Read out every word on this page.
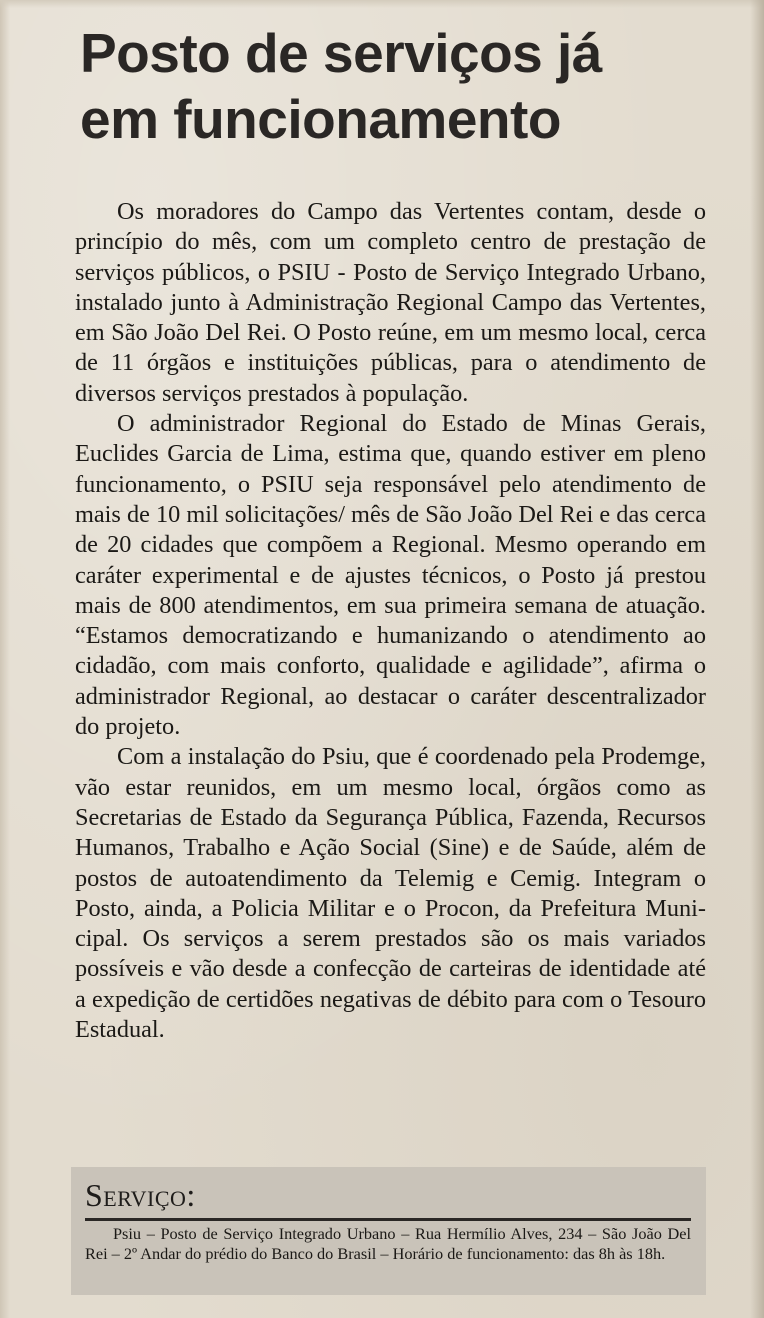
Posto de serviços já
em funcionamento

Os moradores do Campo das Vertentes contam, desde o princípio do mês, com um completo centro de prestação de serviços públicos, o PSIU - Posto de Serviço Integrado Urbano, instalado junto à Administração Regional Campo das Vertentes, em São João Del Rei. O Posto reúne, em um mesmo local, cerca de 11 órgãos e instituições públicas, para o atendimento de diversos serviços prestados à população.

O administrador Regional do Estado de Minas Gerais, Euclides Garcia de Lima, estima que, quando estiver em pleno funcionamento, o PSIU seja responsável pelo atendimento de mais de 10 mil solicitações/ mês de São João Del Rei e das cerca de 20 cidades que compõem a Regional. Mesmo operando em caráter experimental e de ajustes técnicos, o Posto já prestou mais de 800 atendimentos, em sua primeira semana de atuação. “Estamos democratizando e humanizando o atendimento ao cidadão, com mais conforto, qualidade e agilidade”, afirma o administrador Regional, ao destacar o caráter descentralizador do projeto.

Com a instalação do Psiu, que é coordenado pela Prodemge, vão estar reunidos, em um mesmo local, órgãos como as Secretarias de Estado da Segurança Pública, Fazenda, Recursos Humanos, Trabalho e Ação Social (Sine) e de Saúde, além de postos de autoatendimento da Telemig e Cemig. Integram o Posto, ainda, a Policia Militar e o Procon, da Prefeitura Municipal. Os serviços a serem prestados são os mais variados possíveis e vão desde a confecção de carteiras de identidade até a expedição de certidões negativas de débito para com o Tesouro Estadual.

Serviço:

Psiu – Posto de Serviço Integrado Urbano – Rua Hermílio Alves, 234 – São João Del Rei – 2º Andar do prédio do Banco do Brasil – Horário de funcionamento: das 8h às 18h.
